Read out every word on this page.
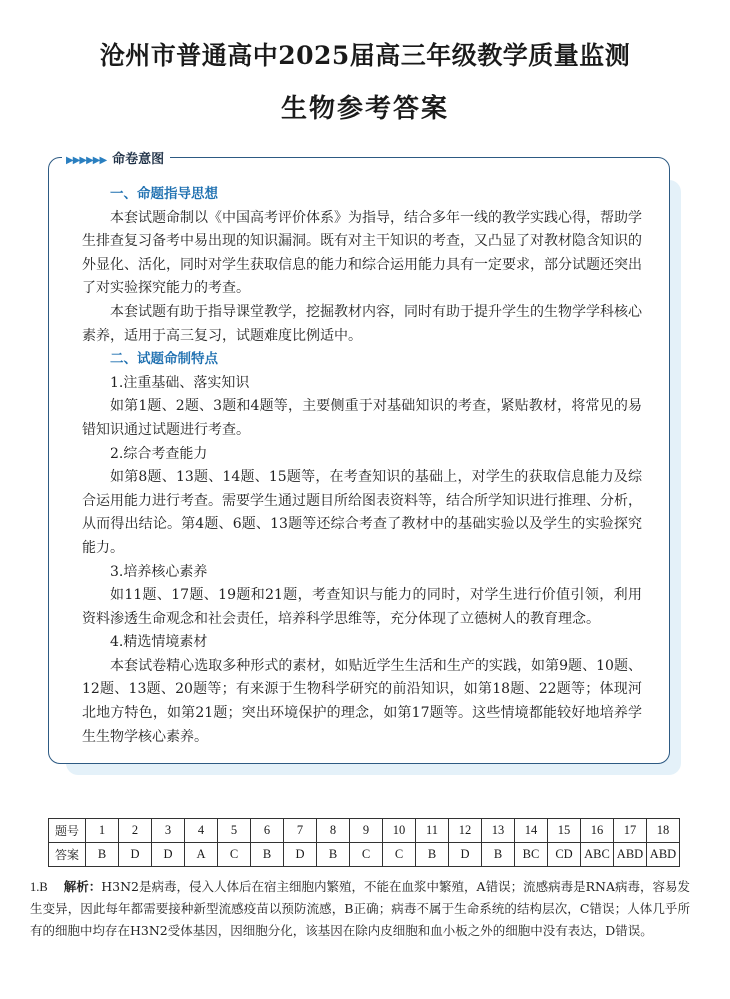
沧州市普通高中2025届高三年级教学质量监测
生物参考答案
▶▶▶▶▶▶ 命卷意图

一、命题指导思想

本套试题命制以《中国高考评价体系》为指导，结合多年一线的教学实践心得，帮助学生排查复习备考中易出现的知识漏洞。既有对主干知识的考查，又凸显了对教材隐含知识的外显化、活化，同时对学生获取信息的能力和综合运用能力具有一定要求，部分试题还突出了对实验探究能力的考查。

本套试题有助于指导课堂教学，挖掘教材内容，同时有助于提升学生的生物学学科核心素养，适用于高三复习，试题难度比例适中。

二、试题命制特点

1.注重基础、落实知识

如第1题、2题、3题和4题等，主要侧重于对基础知识的考查，紧贴教材，将常见的易错知识通过试题进行考查。

2.综合考查能力

如第8题、13题、14题、15题等，在考查知识的基础上，对学生的获取信息能力及综合运用能力进行考查。需要学生通过题目所给图表资料等，结合所学知识进行推理、分析，从而得出结论。第4题、6题、13题等还综合考查了教材中的基础实验以及学生的实验探究能力。

3.培养核心素养

如11题、17题、19题和21题，考查知识与能力的同时，对学生进行价值引领，利用资料渗透生命观念和社会责任，培养科学思维等，充分体现了立德树人的教育理念。

4.精选情境素材

本套试卷精心选取多种形式的素材，如贴近学生生活和生产的实践，如第9题、10题、12题、13题、20题等；有来源于生物科学研究的前沿知识，如第18题、22题等；体现河北地方特色，如第21题；突出环境保护的理念，如第17题等。这些情境都能较好地培养学生生物学核心素养。

题号	1	2	3	4	5	6	7	8	9	10	11	12	13	14	15	16	17	18
答案	B	D	D	A	C	B	D	B	C	C	B	D	B	BC	CD	ABC	ABD	ABD
1.B 解析：H3N2是病毒，侵入人体后在宿主细胞内繁殖，不能在血浆中繁殖，A错误；流感病毒是RNA病毒，容易发生变异，因此每年都需要接种新型流感疫苗以预防流感，B正确；病毒不属于生命系统的结构层次，C错误；人体几乎所有的细胞中均存在H3N2受体基因，因细胞分化，该基因在除内皮细胞和血小板之外的细胞中没有表达，D错误。
